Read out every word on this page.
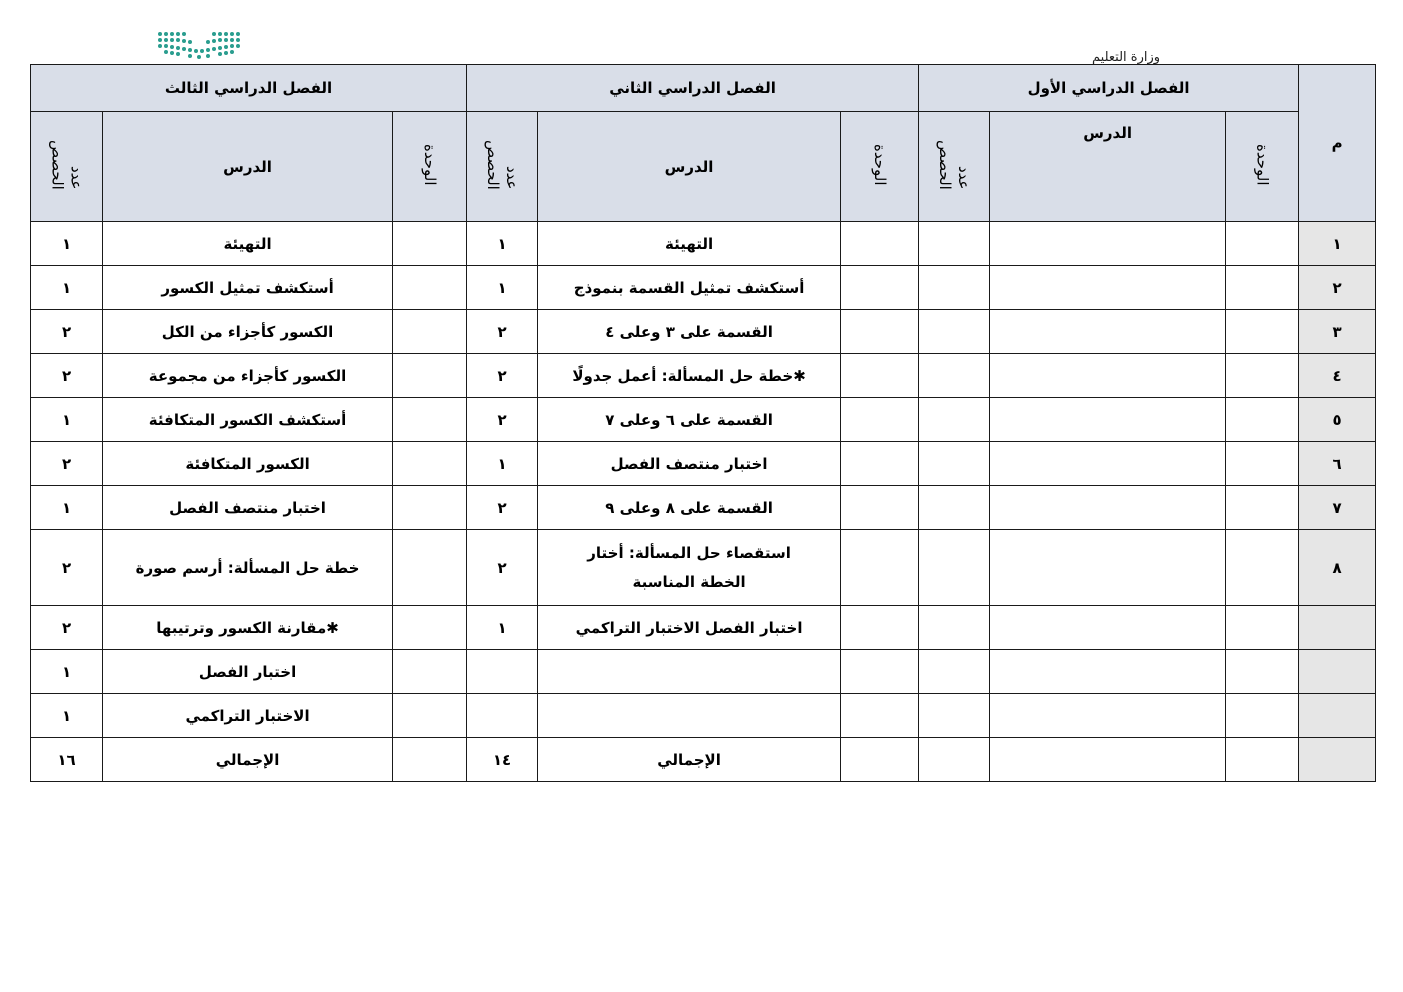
وزارة التعليم
م	الفصل الدراسي الأول			الفصل الدراسي الثاني			الفصل الدراسي الثالث		
	الوحدة	الدرس	عددالحصص	الوحدة	الدرس	عددالحصص	الوحدة	الدرس	عددالحصص
١					التهيئة	١		التهيئة	١
٢					أستكشف تمثيل القسمة بنموذج	١		أستكشف تمثيل الكسور	١
٣					القسمة على ٣ وعلى ٤	٢		الكسور كأجزاء من الكل	٢
٤					✱خطة حل المسألة: أعمل جدولًا	٢		الكسور كأجزاء من مجموعة	٢
٥					القسمة على ٦ وعلى ٧	٢		أستكشف الكسور المتكافئة	١
٦					اختبار منتصف الفصل	١		الكسور المتكافئة	٢
٧					القسمة على ٨ وعلى ٩	٢		اختبار منتصف الفصل	١
٨					استقصاء حل المسألة: أختار الخطة المناسبة	٢		خطة حل المسألة: أرسم صورة	٢
					اختبار الفصل الاختبار التراكمي	١		✱مقارنة الكسور وترتيبها	٢
								اختبار الفصل	١
								الاختبار التراكمي	١
					الإجمالي	١٤		الإجمالي	١٦
